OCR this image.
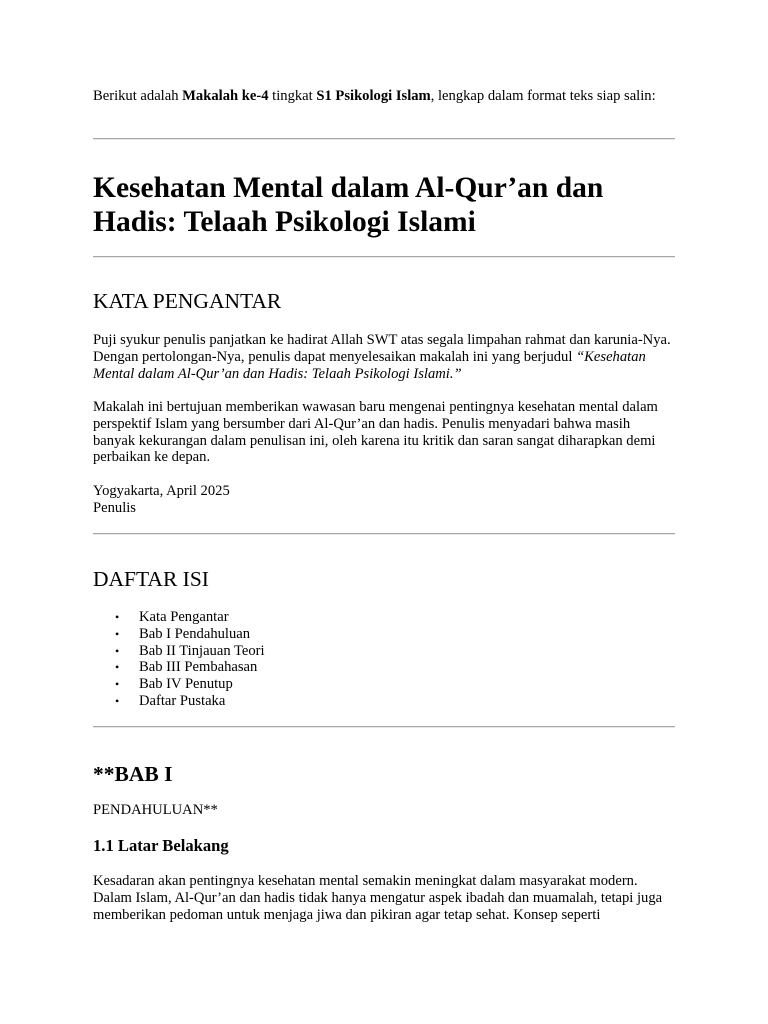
Berikut adalah Makalah ke-4 tingkat S1 Psikologi Islam, lengkap dalam format teks siap salin:

Kesehatan Mental dalam Al-Qur’an dan Hadis: Telaah Psikologi Islami
KATA PENGANTAR

Puji syukur penulis panjatkan ke hadirat Allah SWT atas segala limpahan rahmat dan karunia-Nya. Dengan pertolongan-Nya, penulis dapat menyelesaikan makalah ini yang berjudul “Kesehatan Mental dalam Al-Qur’an dan Hadis: Telaah Psikologi Islami.”

Makalah ini bertujuan memberikan wawasan baru mengenai pentingnya kesehatan mental dalam perspektif Islam yang bersumber dari Al-Qur’an dan hadis. Penulis menyadari bahwa masih banyak kekurangan dalam penulisan ini, oleh karena itu kritik dan saran sangat diharapkan demi perbaikan ke depan.

Yogyakarta, April 2025
Penulis

DAFTAR ISI
• Kata Pengantar
• Bab I Pendahuluan
• Bab II Tinjauan Teori
• Bab III Pembahasan
• Bab IV Penutup
• Daftar Pustaka
**BAB I

PENDAHULUAN**

1.1 Latar Belakang

Kesadaran akan pentingnya kesehatan mental semakin meningkat dalam masyarakat modern. Dalam Islam, Al-Qur’an dan hadis tidak hanya mengatur aspek ibadah dan muamalah, tetapi juga memberikan pedoman untuk menjaga jiwa dan pikiran agar tetap sehat. Konsep seperti
